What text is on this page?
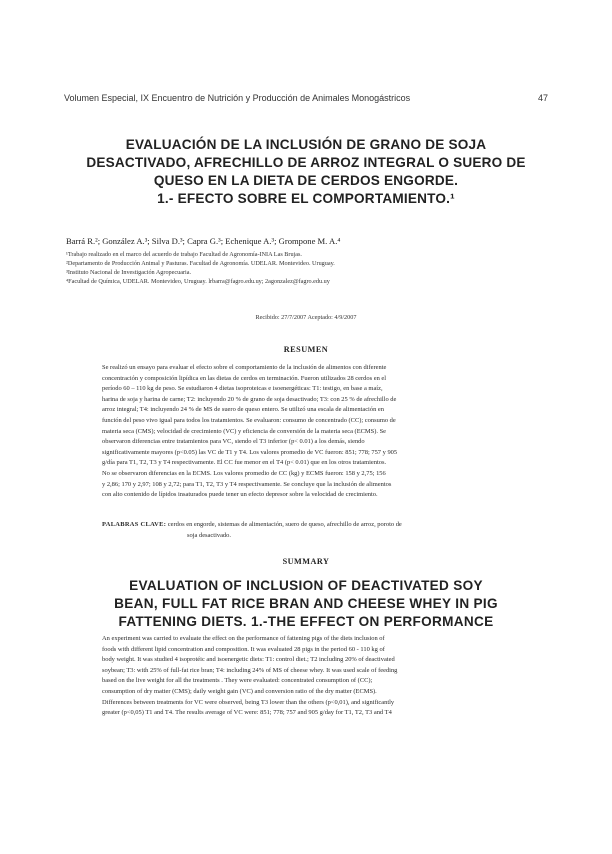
Volumen Especial, IX Encuentro de Nutrición y Producción de Animales Monogástricos	47
EVALUACIÓN DE LA INCLUSIÓN DE GRANO DE SOJA
DESACTIVADO, AFRECHILLO DE ARROZ INTEGRAL O SUERO DE
QUESO EN LA DIETA DE CERDOS ENGORDE.
1.- EFECTO SOBRE EL COMPORTAMIENTO.¹
Barrá R.²; González A.³; Silva D.³; Capra G.³; Echenique A.³; Grompone M. A.⁴
¹Trabajo realizado en el marco del acuerdo de trabajo Facultad de Agronomía-INIA Las Brujas.
²Departamento de Producción Animal y Pasturas. Facultad de Agronomía. UDELAR. Montevideo. Uruguay.
³Instituto Nacional de Investigación Agropecuaria.
⁴Facultad de Química, UDELAR. Montevideo, Uruguay. lrbarra@fagro.edu.uy; 2agonzalez@fagro.edu.uy
Recibido: 27/7/2007 Aceptado: 4/9/2007
RESUMEN
Se realizó un ensayo para evaluar el efecto sobre el comportamiento de la inclusión de alimentos con diferente
concentración y composición lipídica en las dietas de cerdos en terminación. Fueron utilizados 28 cerdos en el
período 60 – 110 kg de peso. Se estudiaron 4 dietas isoproteicas e isoenergéticas: T1: testigo, en base a maíz,
harina de soja y harina de carne; T2: incluyendo 20 % de grano de soja desactivado; T3: con 25 % de afrechillo de
arroz integral; T4: incluyendo 24 % de MS de suero de queso entero. Se utilizó una escala de alimentación en
función del peso vivo igual para todos los tratamientos. Se evaluaron: consumo de concentrado (CC); consumo de
materia seca (CMS); velocidad de crecimiento (VC) y eficiencia de conversión de la materia seca (ECMS). Se
observaron diferencias entre tratamientos para VC, siendo el T3 inferior (p< 0.01) a los demás, siendo
significativamente mayores (p<0.05) las VC de T1 y T4. Los valores promedio de VC fueron: 851; 778; 757 y 905
g/día para T1, T2, T3 y T4 respectivamente. El CC fue menor en el T4 (p< 0.01) que en los otros tratamientos.
No se observaron diferencias en la ECMS. Los valores promedio de CC (kg) y ECMS fueron: 158 y 2,75; 156
y 2,86; 170 y 2,97; 108 y 2,72; para T1, T2, T3 y T4 respectivamente. Se concluye que la inclusión de alimentos
con alto contenido de lípidos insaturados puede tener un efecto depresor sobre la velocidad de crecimiento.
PALABRAS CLAVE: cerdos en engorde, sistemas de alimentación, suero de queso, afrechillo de arroz, poroto de
soja desactivado.
SUMMARY
EVALUATION OF INCLUSION OF DEACTIVATED SOY
BEAN, FULL FAT RICE BRAN AND CHEESE WHEY IN PIG
FATTENING DIETS. 1.-THE EFFECT ON PERFORMANCE
An experiment was carried to evaluate the effect on the performance of fattening pigs of the diets inclusion of
foods with different lipid concentration and composition. It was evaluated 28 pigs in the period 60 - 110 kg of
body weight. It was studied 4 isoprotéic and isoenergetic diets: T1: control diet.; T2 including 20% of deactivated
soybean; T3: with 25% of full-fat rice bran; T4: including 24% of MS of cheese whey. It was used scale of feeding
based on the live weight for all the treatments . They were evaluated: concentrated consumption of (CC);
consumption of dry matter (CMS); daily weight gain (VC) and conversion ratio of the dry matter (ECMS).
Differences between treatments for VC were observed, being T3 lower than the others (p<0,01), and significantly
greater (p<0,05) T1 and T4. The results average of VC were: 851; 778; 757 and 905 g/day for T1, T2, T3 and T4
